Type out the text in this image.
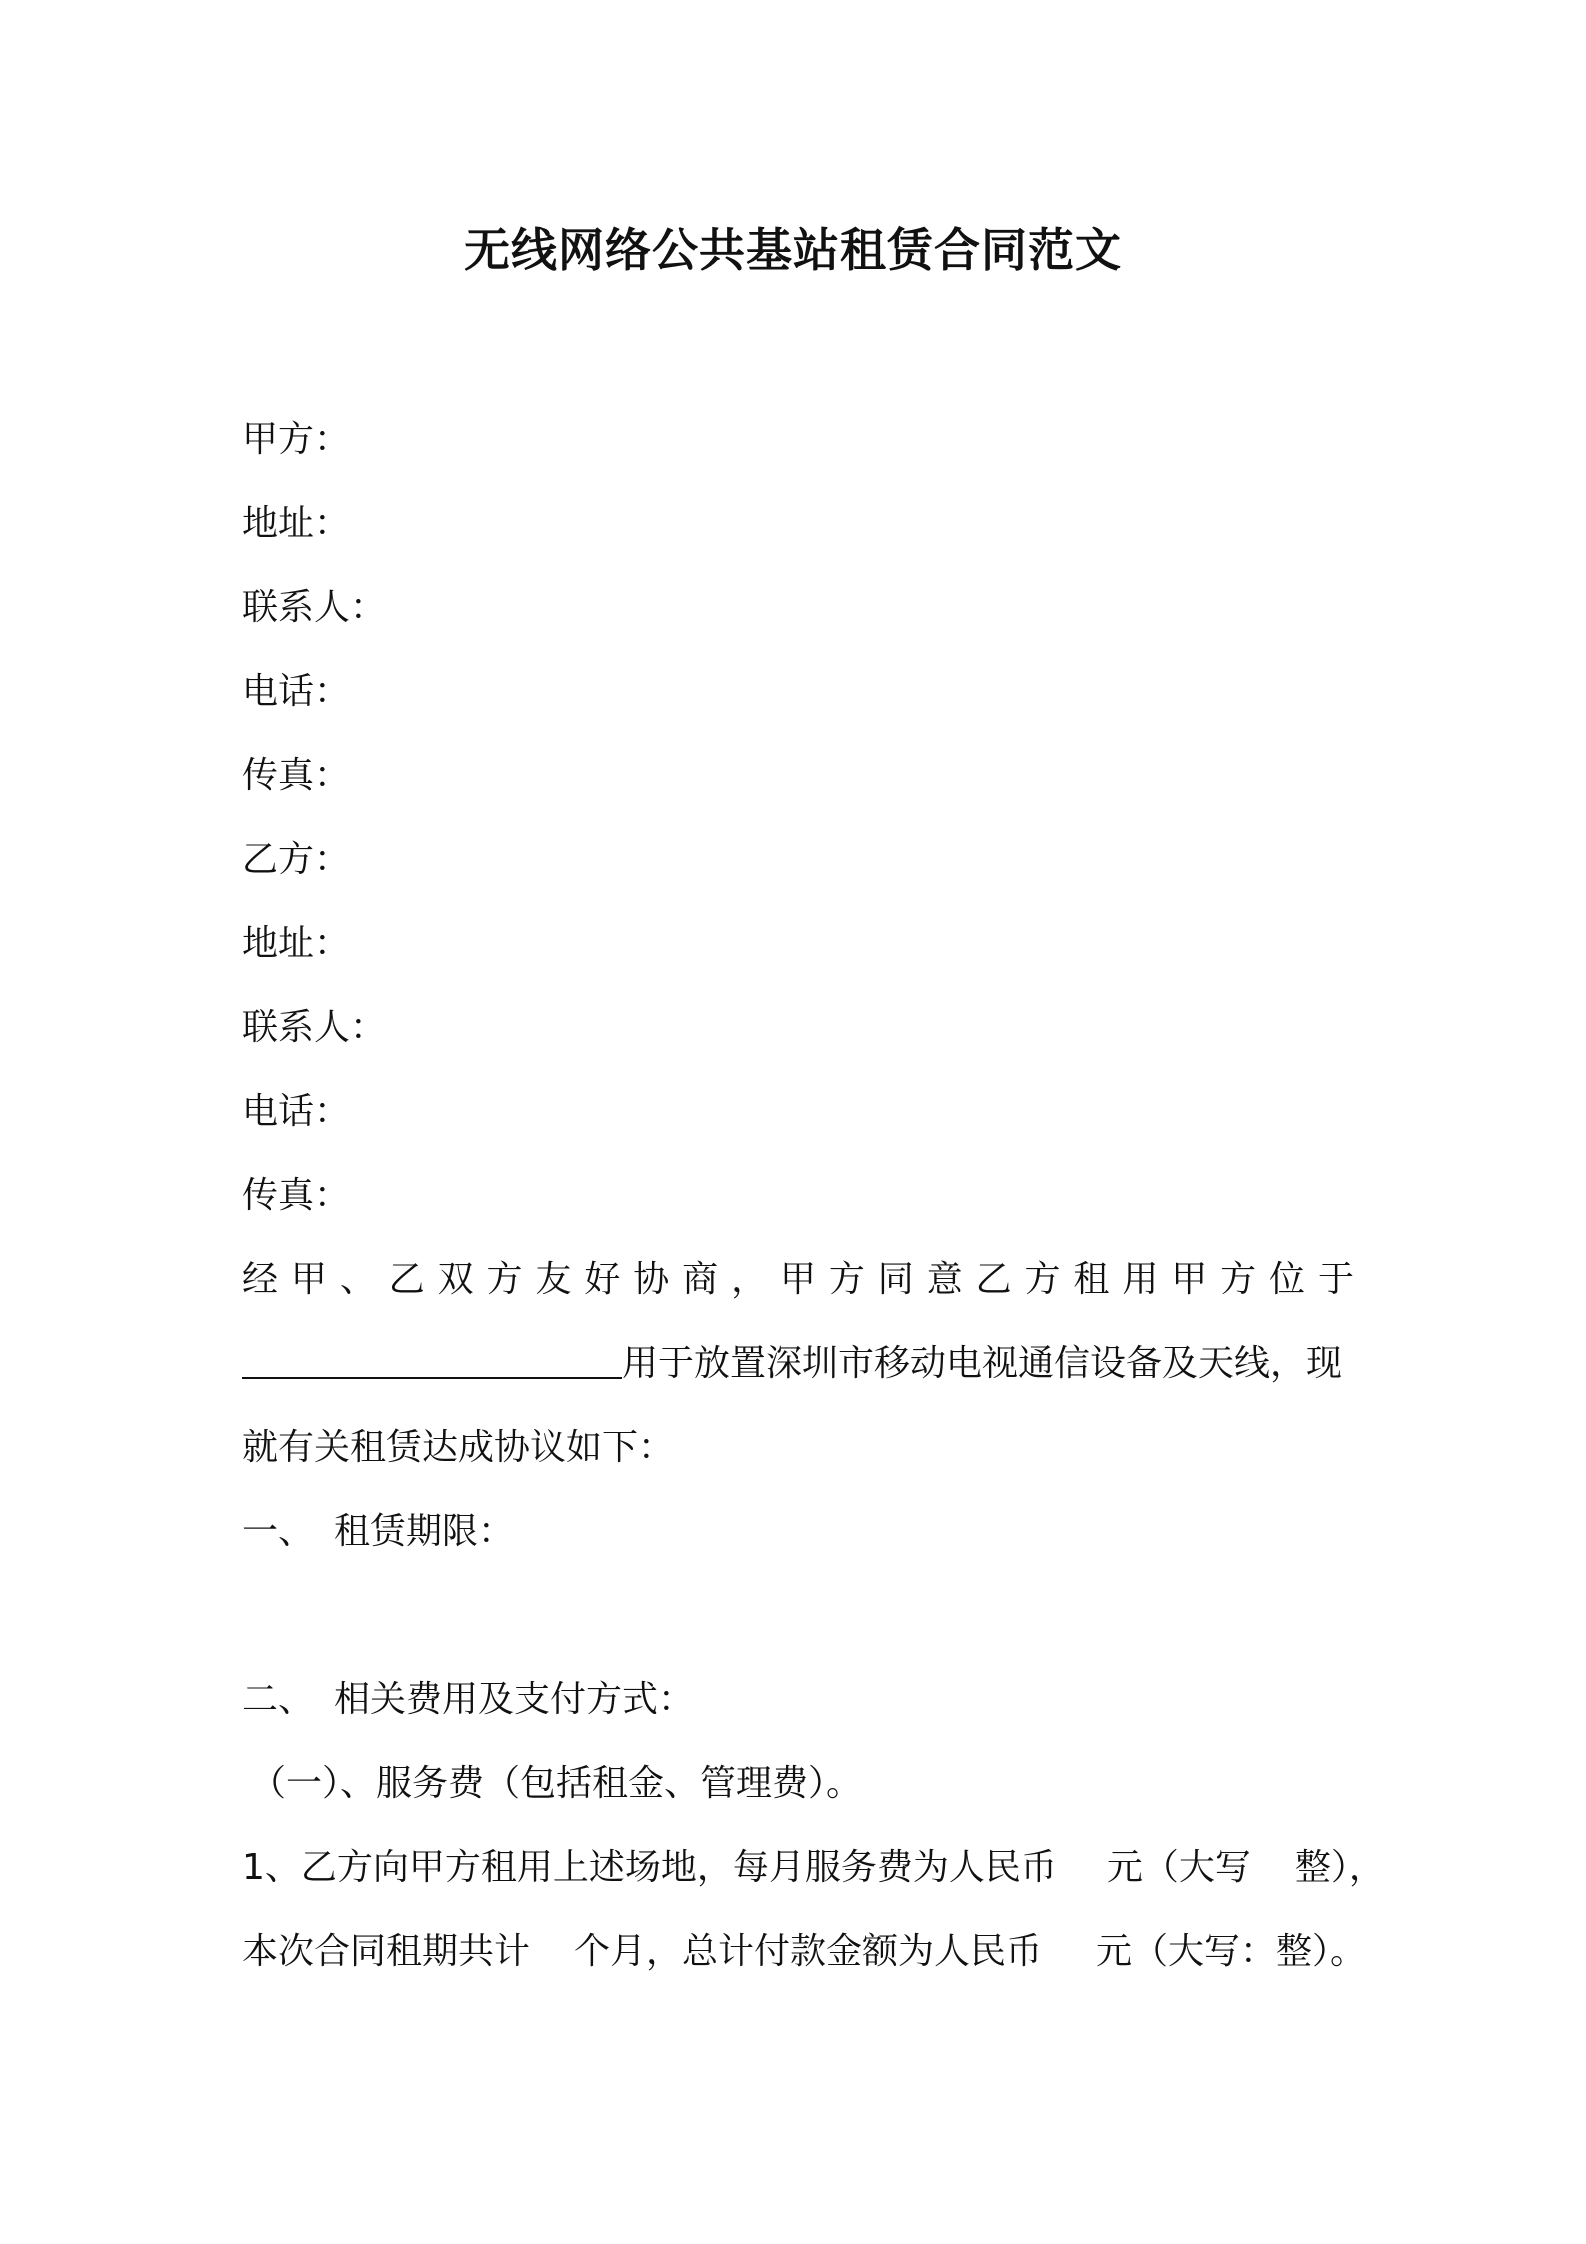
无线网络公共基站租赁合同范文
甲方：
地址：
联系人：
电话：
传真：
乙方：
地址：
联系人：
电话：
传真：
经 甲 、 乙 双 方 友 好 协 商 ， 甲 方 同 意 乙 方 租 用 甲 方 位 于
用于放置深圳市移动电视通信设备及天线，现
就有关租赁达成协议如下：
一、 租赁期限：
二、 相关费用及支付方式：
（一）、服务费（包括租金、管理费）。
1、乙方向甲方租用上述场地，每月服务费为人民币 元（大写 整），
本次合同租期共计 个月，总计付款金额为人民币 元（大写：整）。
